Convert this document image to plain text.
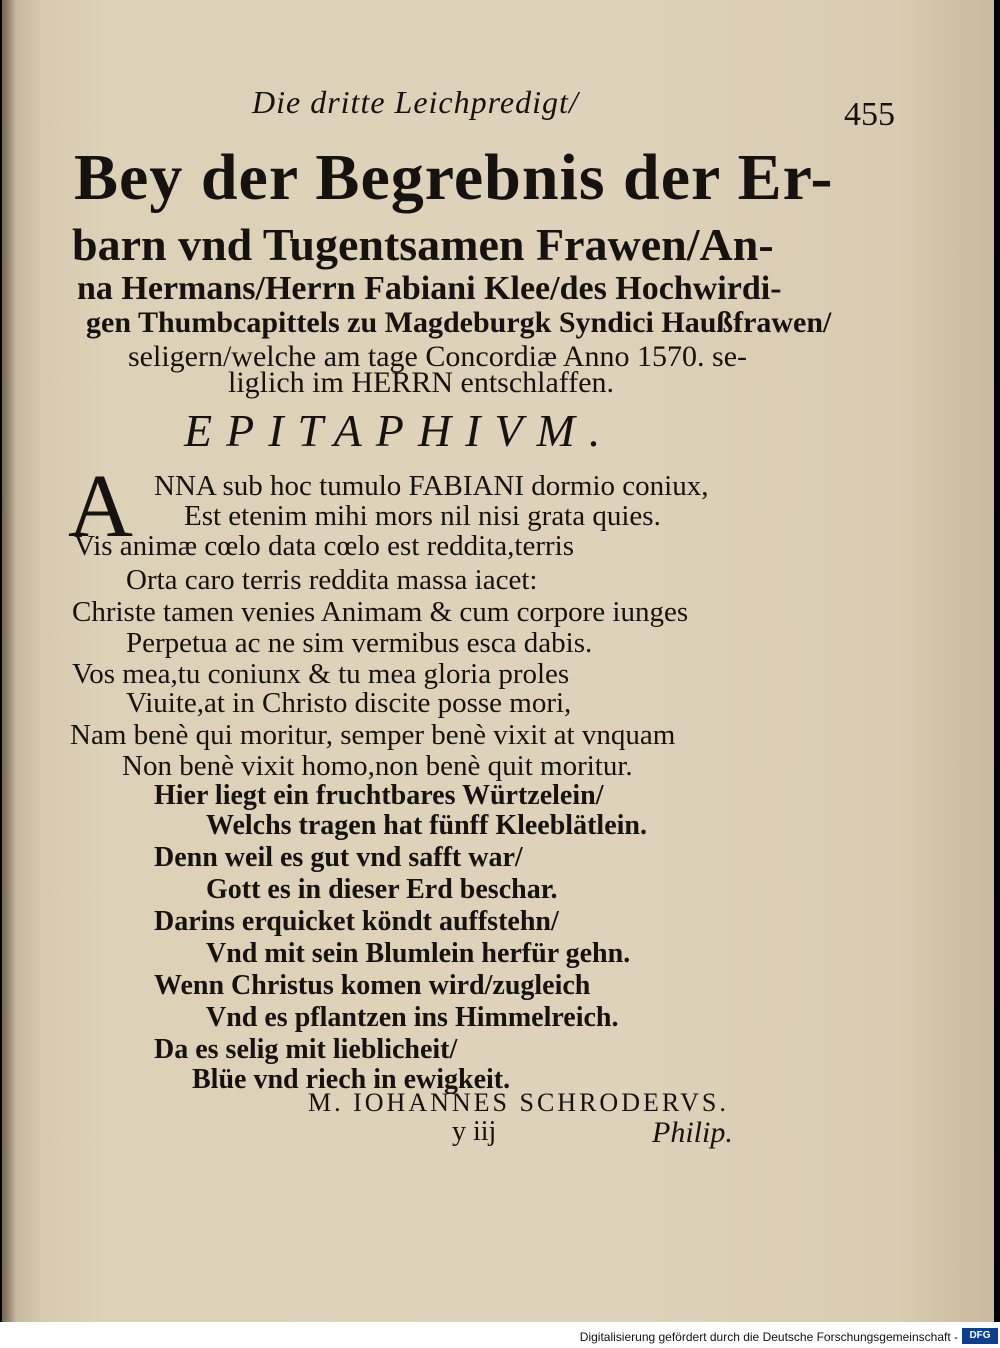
Die dritte Leichpredigt/	455
Bey der Begrebnis der Er-
barn vnd Tugentsamen Frawen/An-
na Hermans/Herrn Fabiani Klee/des Hochwirdi-
gen Thumbcapittels zu Magdeburgk Syndici Haußfrawen/
seligern/welche am tage Concordiæ Anno 1570. se-
liglich im HERRN entschlaffen.
EPITAPHIVM.
A NNA sub hoc tumulo FABIANI dormio coniux,
Est etenim mihi mors nil nisi grata quies.
Vis animæ cœlo data cœlo est reddita,terris
Orta caro terris reddita massa iacet:
Christe tamen venies Animam & cum corpore iunges
Perpetua ac ne sim vermibus esca dabis.
Vos mea,tu coniunx & tu mea gloria proles
Viuite,at in Christo discite posse mori,
Nam benè qui moritur, semper benè vixit at vnquam
Non benè vixit homo,non benè quit moritur.
Hier liegt ein fruchtbares Würtzelein/
Welchs tragen hat fünff Kleeblätlein.
Denn weil es gut vnd safft war/
Gott es in dieser Erd beschar.
Darins erquicket köndt auffstehn/
Vnd mit sein Blumlein herfür gehn.
Wenn Christus komen wird/zugleich
Vnd es pflantzen ins Himmelreich.
Da es selig mit lieblicheit/
Blüe vnd riech in ewigkeit.
M. IOHANNES SCHRODERVS.
y iij	Philip.
Digitalisierung gefördert durch die Deutsche Forschungsgemeinschaft -	DFG
